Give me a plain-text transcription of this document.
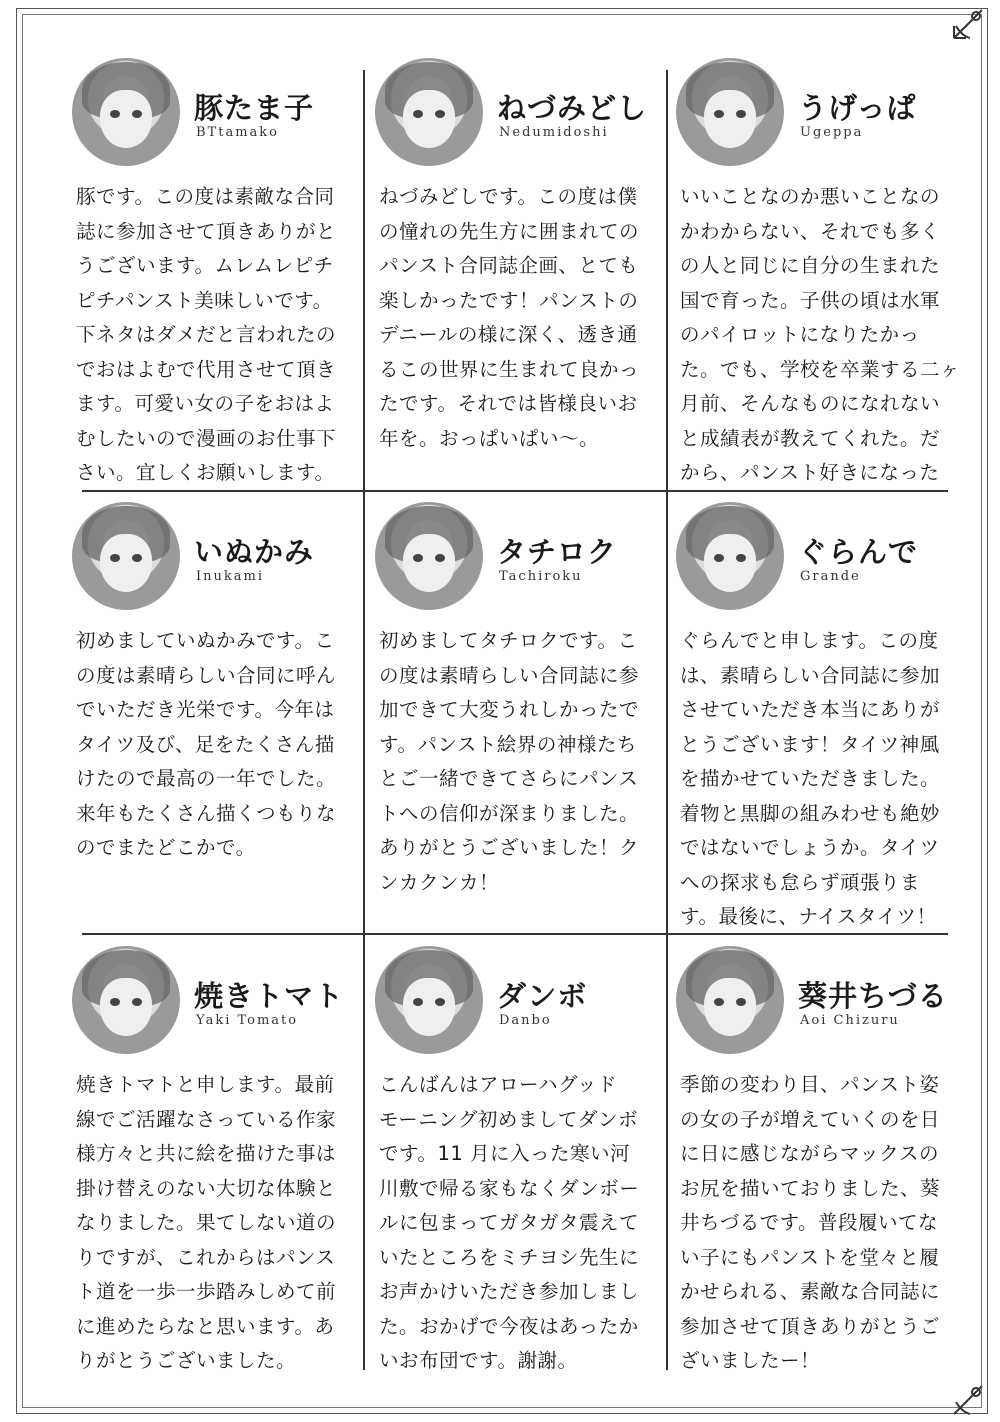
豚たま子
BTtamako
豚です。この度は素敵な合同
誌に参加させて頂きありがと
うございます。ムレムレピチ
ピチパンスト美味しいです。
下ネタはダメだと言われたの
でおはよむで代用させて頂き
ます。可愛い女の子をおはよ
むしたいので漫画のお仕事下
さい。宜しくお願いします。
ねづみどし
Nedumidoshi
ねづみどしです。この度は僕
の憧れの先生方に囲まれての
パンスト合同誌企画、とても
楽しかったです！パンストの
デニールの様に深く、透き通
るこの世界に生まれて良かっ
たです。それでは皆様良いお
年を。おっぱいぱい〜。
うげっぱ
Ugeppa
いいことなのか悪いことなの
かわからない、それでも多く
の人と同じに自分の生まれた
国で育った。子供の頃は水軍
のパイロットになりたかっ
た。でも、学校を卒業する二ヶ
月前、そんなものになれない
と成績表が教えてくれた。だ
から、パンスト好きになった
いぬかみ
Inukami
初めましていぬかみです。こ
の度は素晴らしい合同に呼ん
でいただき光栄です。今年は
タイツ及び、足をたくさん描
けたので最高の一年でした。
来年もたくさん描くつもりな
のでまたどこかで。
タチロク
Tachiroku
初めましてタチロクです。こ
の度は素晴らしい合同誌に参
加できて大変うれしかったで
す。パンスト絵界の神様たち
とご一緒できてさらにパンス
トへの信仰が深まりました。
ありがとうございました！ク
ンカクンカ！
ぐらんで
Grande
ぐらんでと申します。この度
は、素晴らしい合同誌に参加
させていただき本当にありが
とうございます！タイツ神風
を描かせていただきました。
着物と黒脚の組みわせも絶妙
ではないでしょうか。タイツ
への探求も怠らず頑張りま
す。最後に、ナイスタイツ！
焼きトマト
Yaki Tomato
焼きトマトと申します。最前
線でご活躍なさっている作家
様方々と共に絵を描けた事は
掛け替えのない大切な体験と
なりました。果てしない道の
りですが、これからはパンス
ト道を一歩一歩踏みしめて前
に進めたらなと思います。あ
りがとうございました。
ダンボ
Danbo
こんばんはアローハグッド
モーニング初めましてダンボ
です。11 月に入った寒い河
川敷で帰る家もなくダンボー
ルに包まってガタガタ震えて
いたところをミチヨシ先生に
お声かけいただき参加しまし
た。おかげで今夜はあったか
いお布団です。謝謝。
葵井ちづる
Aoi Chizuru
季節の変わり目、パンスト姿
の女の子が増えていくのを日
に日に感じながらマックスの
お尻を描いておりました、葵
井ちづるです。普段履いてな
い子にもパンストを堂々と履
かせられる、素敵な合同誌に
参加させて頂きありがとうご
ざいましたー！
